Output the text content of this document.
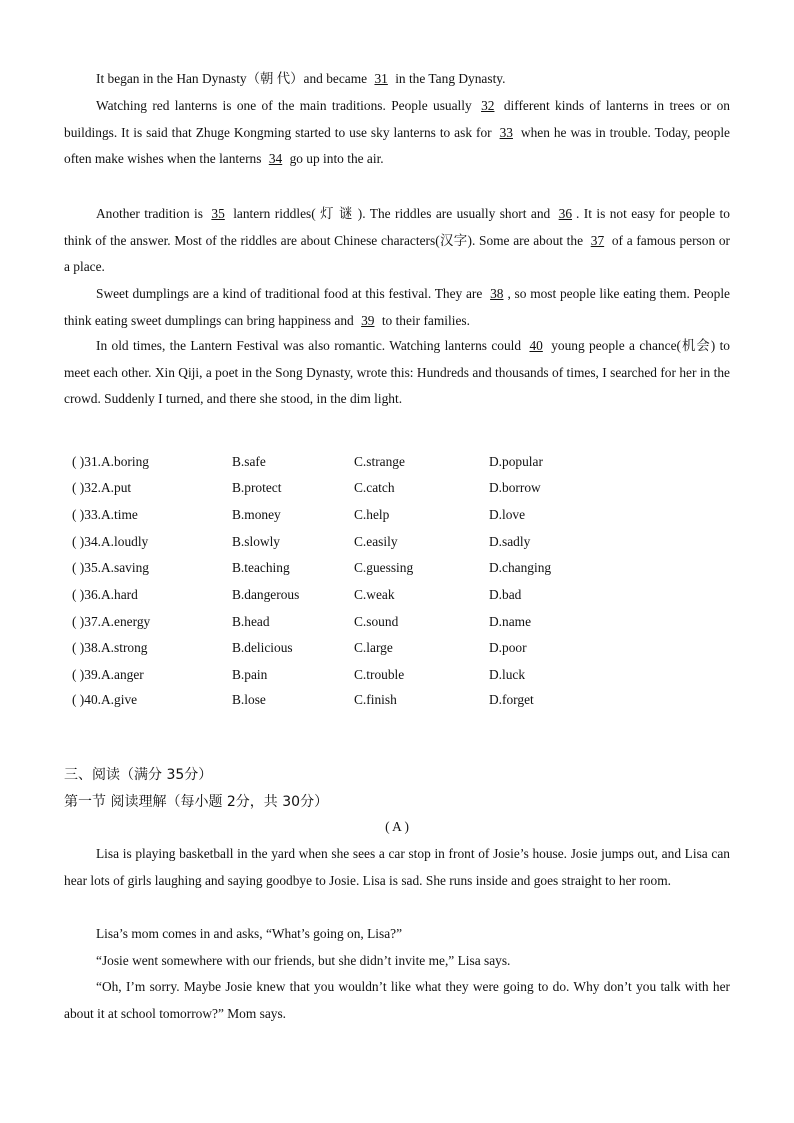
It began in the Han Dynasty（朝 代）and became 31 in the Tang Dynasty.

Watching red lanterns is one of the main traditions. People usually 32 different kinds of lanterns in trees or on buildings. It is said that Zhuge Kongming started to use sky lanterns to ask for 33 when he was in trouble. Today, people often make wishes when the lanterns 34 go up into the air.

Another tradition is 35 lantern riddles( 灯 谜 ). The riddles are usually short and 36 . It is not easy for people to think of the answer. Most of the riddles are about Chinese characters(汉字). Some are about the 37 of a famous person or a place.

Sweet dumplings are a kind of traditional food at this festival. They are 38 , so most people like eating them. People think eating sweet dumplings can bring happiness and 39 to their families.

In old times, the Lantern Festival was also romantic. Watching lanterns could 40 young people a chance(机会) to meet each other. Xin Qiji, a poet in the Song Dynasty, wrote this: Hundreds and thousands of times, I searched for her in the crowd. Suddenly I turned, and there she stood, in the dim light.

( )31.A.boring	B.safe	C.strange	D.popular
( )32.A.put	B.protect	C.catch	D.borrow
( )33.A.time	B.money	C.help	D.love
( )34.A.loudly	B.slowly	C.easily	D.sadly
( )35.A.saving	B.teaching	C.guessing	D.changing
( )36.A.hard	B.dangerous	C.weak	D.bad
( )37.A.energy	B.head	C.sound	D.name
( )38.A.strong	B.delicious	C.large	D.poor
( )39.A.anger	B.pain	C.trouble	D.luck
( )40.A.give	B.lose	C.finish	D.forget
三、阅读（满分 35分）
第一节 阅读理解（每小题 2分，共 30分）
( A )

Lisa is playing basketball in the yard when she sees a car stop in front of Josie’s house. Josie jumps out, and Lisa can hear lots of girls laughing and saying goodbye to Josie. Lisa is sad. She runs inside and goes straight to her room.

Lisa’s mom comes in and asks, “What’s going on, Lisa?”

“Josie went somewhere with our friends, but she didn’t invite me,” Lisa says.

“Oh, I’m sorry. Maybe Josie knew that you wouldn’t like what they were going to do. Why don’t you talk with her about it at school tomorrow?” Mom says.
